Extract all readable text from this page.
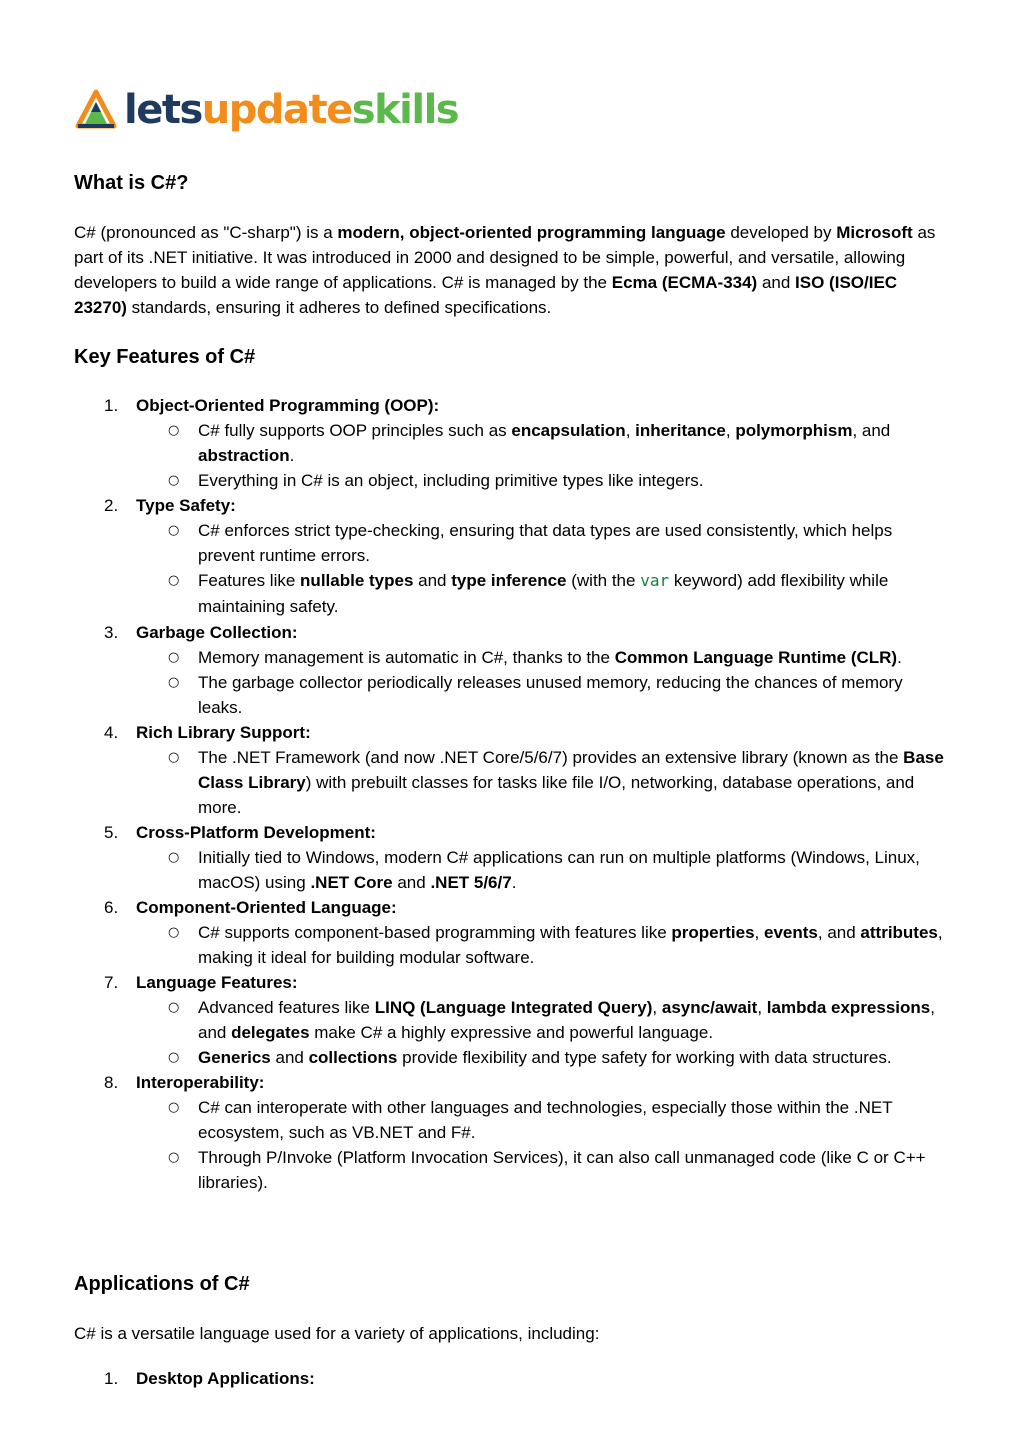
lets update skills
What is C#?

C# (pronounced as "C-sharp") is a modern, object-oriented programming language developed by Microsoft as part of its .NET initiative. It was introduced in 2000 and designed to be simple, powerful, and versatile, allowing developers to build a wide range of applications. C# is managed by the Ecma (ECMA-334) and ISO (ISO/IEC 23270) standards, ensuring it adheres to defined specifications.

Key Features of C#
1.	Object-Oriented Programming (OOP):
○ C# fully supports OOP principles such as encapsulation, inheritance, polymorphism, and abstraction.
○ Everything in C# is an object, including primitive types like integers.
2.	Type Safety:
○ C# enforces strict type-checking, ensuring that data types are used consistently, which helps prevent runtime errors.
○ Features like nullable types and type inference (with the var keyword) add flexibility while maintaining safety.
3.	Garbage Collection:
○ Memory management is automatic in C#, thanks to the Common Language Runtime (CLR).
○ The garbage collector periodically releases unused memory, reducing the chances of memory leaks.
4.	Rich Library Support:
○ The .NET Framework (and now .NET Core/5/6/7) provides an extensive library (known as the Base Class Library) with prebuilt classes for tasks like file I/O, networking, database operations, and more.
5.	Cross-Platform Development:
○ Initially tied to Windows, modern C# applications can run on multiple platforms (Windows, Linux, macOS) using .NET Core and .NET 5/6/7.
6.	Component-Oriented Language:
○ C# supports component-based programming with features like properties, events, and attributes, making it ideal for building modular software.
7.	Language Features:
○ Advanced features like LINQ (Language Integrated Query), async/await, lambda expressions, and delegates make C# a highly expressive and powerful language.
○ Generics and collections provide flexibility and type safety for working with data structures.
8.	Interoperability:
○ C# can interoperate with other languages and technologies, especially those within the .NET ecosystem, such as VB.NET and F#.
○ Through P/Invoke (Platform Invocation Services), it can also call unmanaged code (like C or C++ libraries).
Applications of C#

C# is a versatile language used for a variety of applications, including:

1.	Desktop Applications:
